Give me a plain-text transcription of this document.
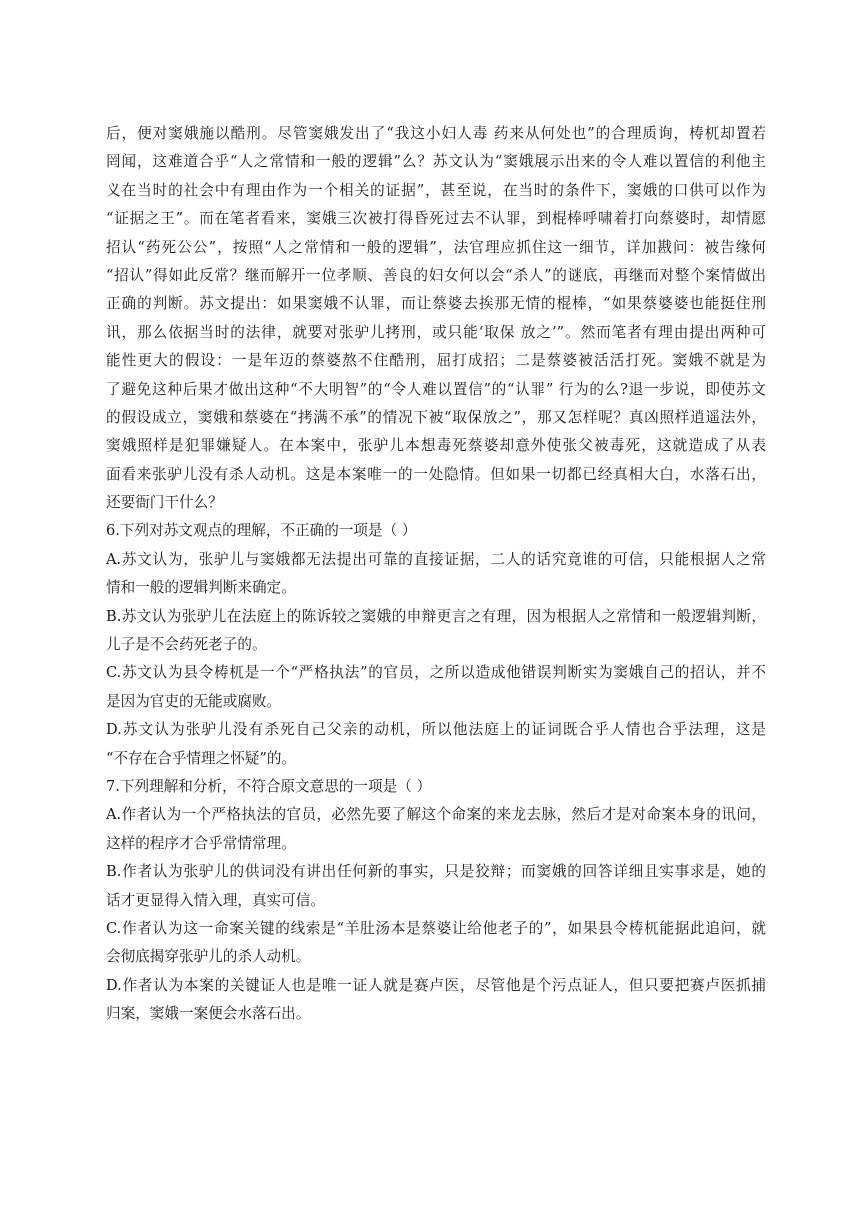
后，便对窦娥施以酷刑。尽管窦娥发出了“我这小妇人毒 药来从何处也”的合理质询，梼杌却置若
罔闻，这难道合乎“人之常情和一般的逻辑”么？苏文认为“窦娥展示出来的令人难以置信的利他主
义在当时的社会中有理由作为一个相关的证据”，甚至说，在当时的条件下，窦娥的口供可以作为
“证据之王”。而在笔者看来，窦娥三次被打得昏死过去不认罪，到棍棒呼啸着打向蔡婆时，却情愿
招认“药死公公”，按照“人之常情和一般的逻辑”，法官理应抓住这一细节，详加戡问：被告缘何
“招认”得如此反常？继而解开一位孝顺、善良的妇女何以会“杀人”的谜底，再继而对整个案情做出
正确的判断。苏文提出：如果窦娥不认罪，而让蔡婆去挨那无情的棍棒，“如果蔡婆婆也能挺住刑
讯，那么依据当时的法律，就要对张驴儿拷刑，或只能‘取保 放之’”。然而笔者有理由提出两种可
能性更大的假设：一是年迈的蔡婆熬不住酷刑，屈打成招；二是蔡婆被活活打死。窦娥不就是为
了避免这种后果才做出这种“不大明智”的“令人难以置信”的“认罪” 行为的么?退一步说，即使苏文
的假设成立，窦娥和蔡婆在“拷满不承”的情况下被“取保放之”，那又怎样呢？真凶照样逍遥法外，
窦娥照样是犯罪嫌疑人。在本案中，张驴儿本想毒死蔡婆却意外使张父被毒死，这就造成了从表
面看来张驴儿没有杀人动机。这是本案唯一的一处隐情。但如果一切都已经真相大白，水落石出，
还要衙门干什么？
6.下列对苏文观点的理解，不正确的一项是（ ）
A.苏文认为，张驴儿与窦娥都无法提出可靠的直接证据，二人的话究竟谁的可信，只能根据人之常
情和一般的逻辑判断来确定。
B.苏文认为张驴儿在法庭上的陈诉较之窦娥的申辩更言之有理，因为根据人之常情和一般逻辑判断，
儿子是不会药死老子的。
C.苏文认为县令梼杌是一个“严格执法”的官员，之所以造成他错误判断实为窦娥自己的招认，并不
是因为官吏的无能或腐败。
D.苏文认为张驴儿没有杀死自己父亲的动机，所以他法庭上的证词既合乎人情也合乎法理，这是
“不存在合乎情理之怀疑”的。
7.下列理解和分析，不符合原文意思的一项是（ ）
A.作者认为一个严格执法的官员，必然先要了解这个命案的来龙去脉，然后才是对命案本身的讯问，
这样的程序才合乎常情常理。
B.作者认为张驴儿的供词没有讲出任何新的事实，只是狡辩；而窦娥的回答详细且实事求是，她的
话才更显得入情入理，真实可信。
C.作者认为这一命案关键的线索是“羊肚汤本是蔡婆让给他老子的”，如果县令梼杌能据此追问，就
会彻底揭穿张驴儿的杀人动机。
D.作者认为本案的关键证人也是唯一证人就是赛卢医，尽管他是个污点证人，但只要把赛卢医抓捕
归案，窦娥一案便会水落石出。
